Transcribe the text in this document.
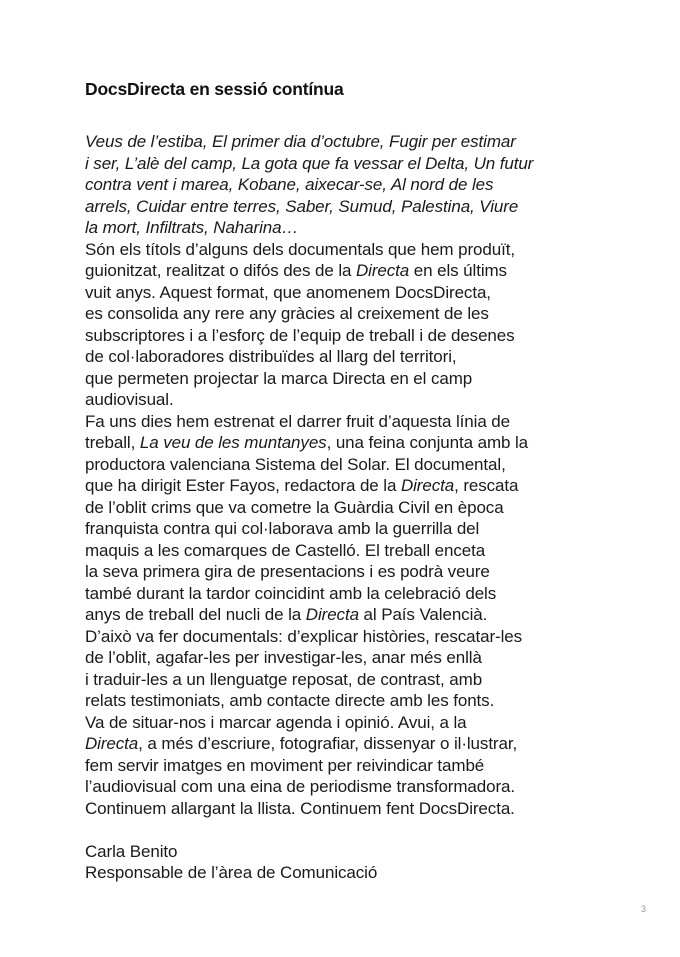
DocsDirecta en sessió contínua
Veus de l’estiba, El primer dia d’octubre, Fugir per estimar
i ser, L’alè del camp, La gota que fa vessar el Delta, Un futur
contra vent i marea, Kobane, aixecar-se, Al nord de les
arrels, Cuidar entre terres, Saber, Sumud, Palestina, Viure
la mort, Infiltrats, Naharina…
Són els títols d’alguns dels documentals que hem produït,
guionitzat, realitzat o difós des de la Directa en els últims
vuit anys. Aquest format, que anomenem DocsDirecta,
es consolida any rere any gràcies al creixement de les
subscriptores i a l’esforç de l’equip de treball i de desenes
de col·laboradores distribuïdes al llarg del territori,
que permeten projectar la marca Directa en el camp
audiovisual.
Fa uns dies hem estrenat el darrer fruit d’aquesta línia de
treball, La veu de les muntanyes, una feina conjunta amb la
productora valenciana Sistema del Solar. El documental,
que ha dirigit Ester Fayos, redactora de la Directa, rescata
de l’oblit crims que va cometre la Guàrdia Civil en època
franquista contra qui col·laborava amb la guerrilla del
maquis a les comarques de Castelló. El treball enceta
la seva primera gira de presentacions i es podrà veure
també durant la tardor coincidint amb la celebració dels
anys de treball del nucli de la Directa al País Valencià.
D’això va fer documentals: d’explicar històries, rescatar-les
de l’oblit, agafar-les per investigar-les, anar més enllà
i traduir-les a un llenguatge reposat, de contrast, amb
relats testimoniats, amb contacte directe amb les fonts.
Va de situar-nos i marcar agenda i opinió. Avui, a la
Directa, a més d’escriure, fotografiar, dissenyar o il·lustrar,
fem servir imatges en moviment per reivindicar també
l’audiovisual com una eina de periodisme transformadora.
Continuem allargant la llista. Continuem fent DocsDirecta.
Carla Benito
Responsable de l’àrea de Comunicació
3
